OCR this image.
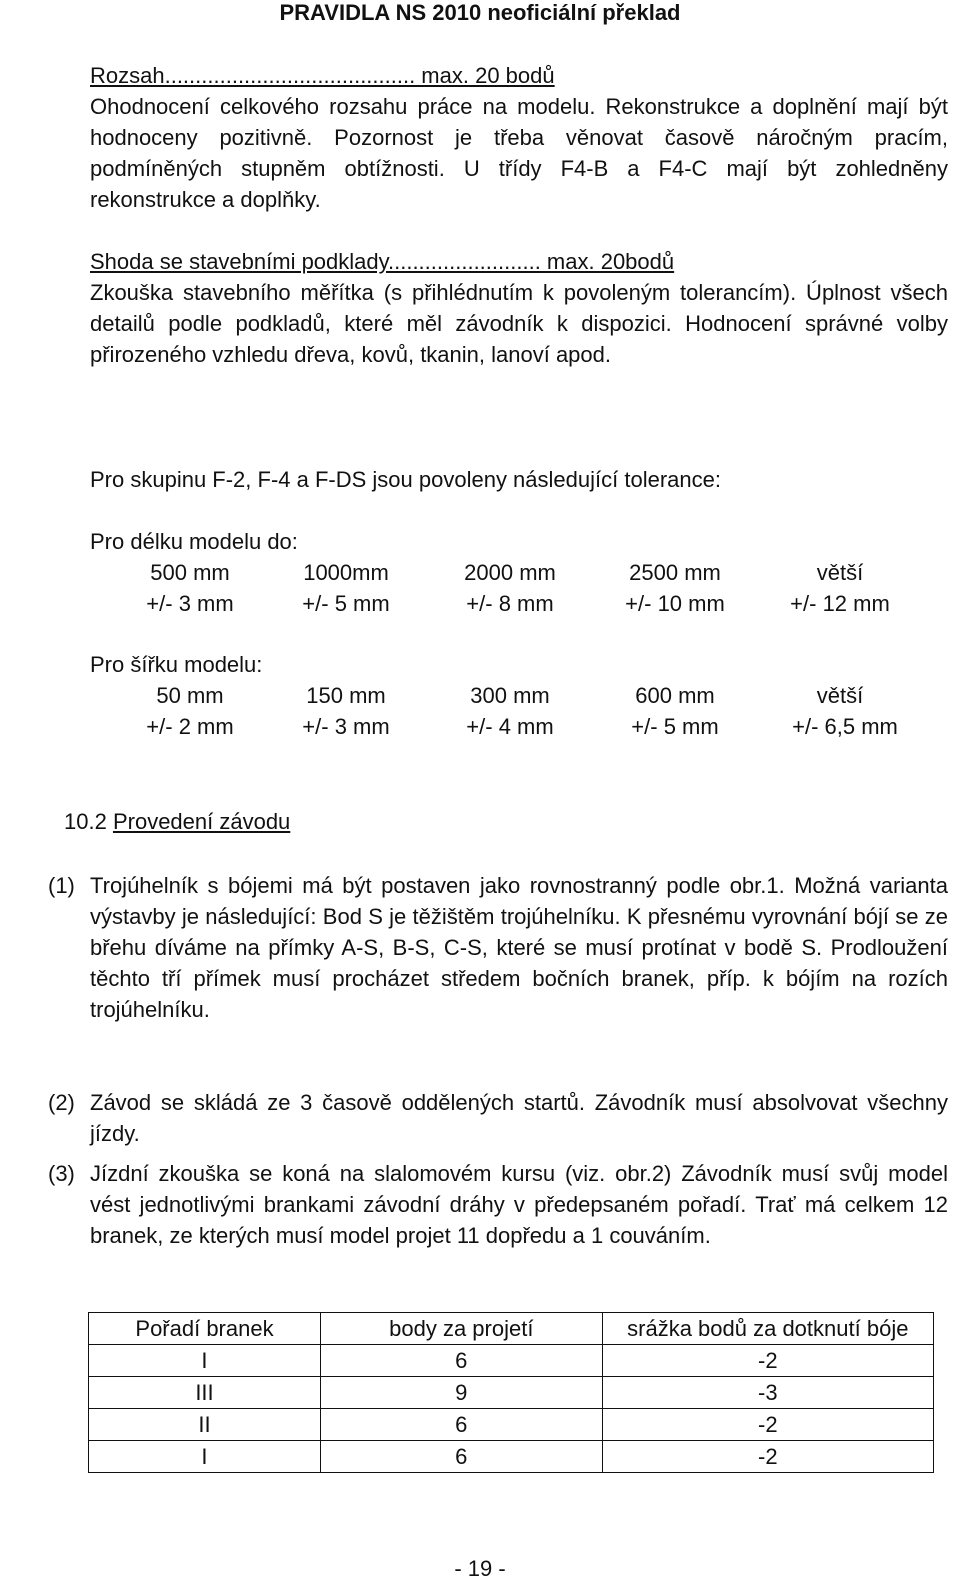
PRAVIDLA NS 2010 neoficiální překlad

Rozsah......................................... max. 20 bodů

Ohodnocení celkového rozsahu práce na modelu. Rekonstrukce a doplnění mají být hodnoceny pozitivně. Pozornost je třeba věnovat časově náročným pracím, podmíněných stupněm obtížnosti. U třídy F4-B a F4-C mají být zohledněny rekonstrukce a doplňky.

Shoda se stavebními podklady......................... max. 20bodů

Zkouška stavebního měřítka (s přihlédnutím k povoleným tolerancím). Úplnost všech detailů podle podkladů, které měl závodník k dispozici. Hodnocení správné volby přirozeného vzhledu dřeva, kovů, tkanin, lanoví apod.

Pro skupinu F-2, F-4 a F-DS jsou povoleny následující tolerance:
Pro délku modelu do:
500 mm	1000mm	2000 mm	2500 mm	větší
+/- 3 mm	+/- 5 mm	+/- 8 mm	+/- 10 mm	+/- 12 mm
Pro šířku modelu:
50 mm	150 mm	300 mm	600 mm	větší
+/- 2 mm	+/- 3 mm	+/- 4 mm	+/- 5 mm	+/- 6,5 mm
10.2 Provedení závodu
(1) Trojúhelník s bójemi má být postaven jako rovnostranný podle obr.1. Možná varianta výstavby je následující: Bod S je těžištěm trojúhelníku. K přesnému vyrovnání bójí se ze břehu díváme na přímky A-S, B-S, C-S, které se musí protínat v bodě S. Prodloužení těchto tří přímek musí procházet středem bočních branek, příp. k bójím na rozích trojúhelníku.
(2) Závod se skládá ze 3 časově oddělených startů. Závodník musí absolvovat všechny jízdy.
(3) Jízdní zkouška se koná na slalomovém kursu (viz. obr.2) Závodník musí svůj model vést jednotlivými brankami závodní dráhy v předepsaném pořadí. Trať má celkem 12 branek, ze kterých musí model projet 11 dopředu a 1 couváním.
Pořadí branek	body za projetí	srážka bodů za dotknutí bóje
I	6	-2
III	9	-3
II	6	-2
I	6	-2
- 19 -
